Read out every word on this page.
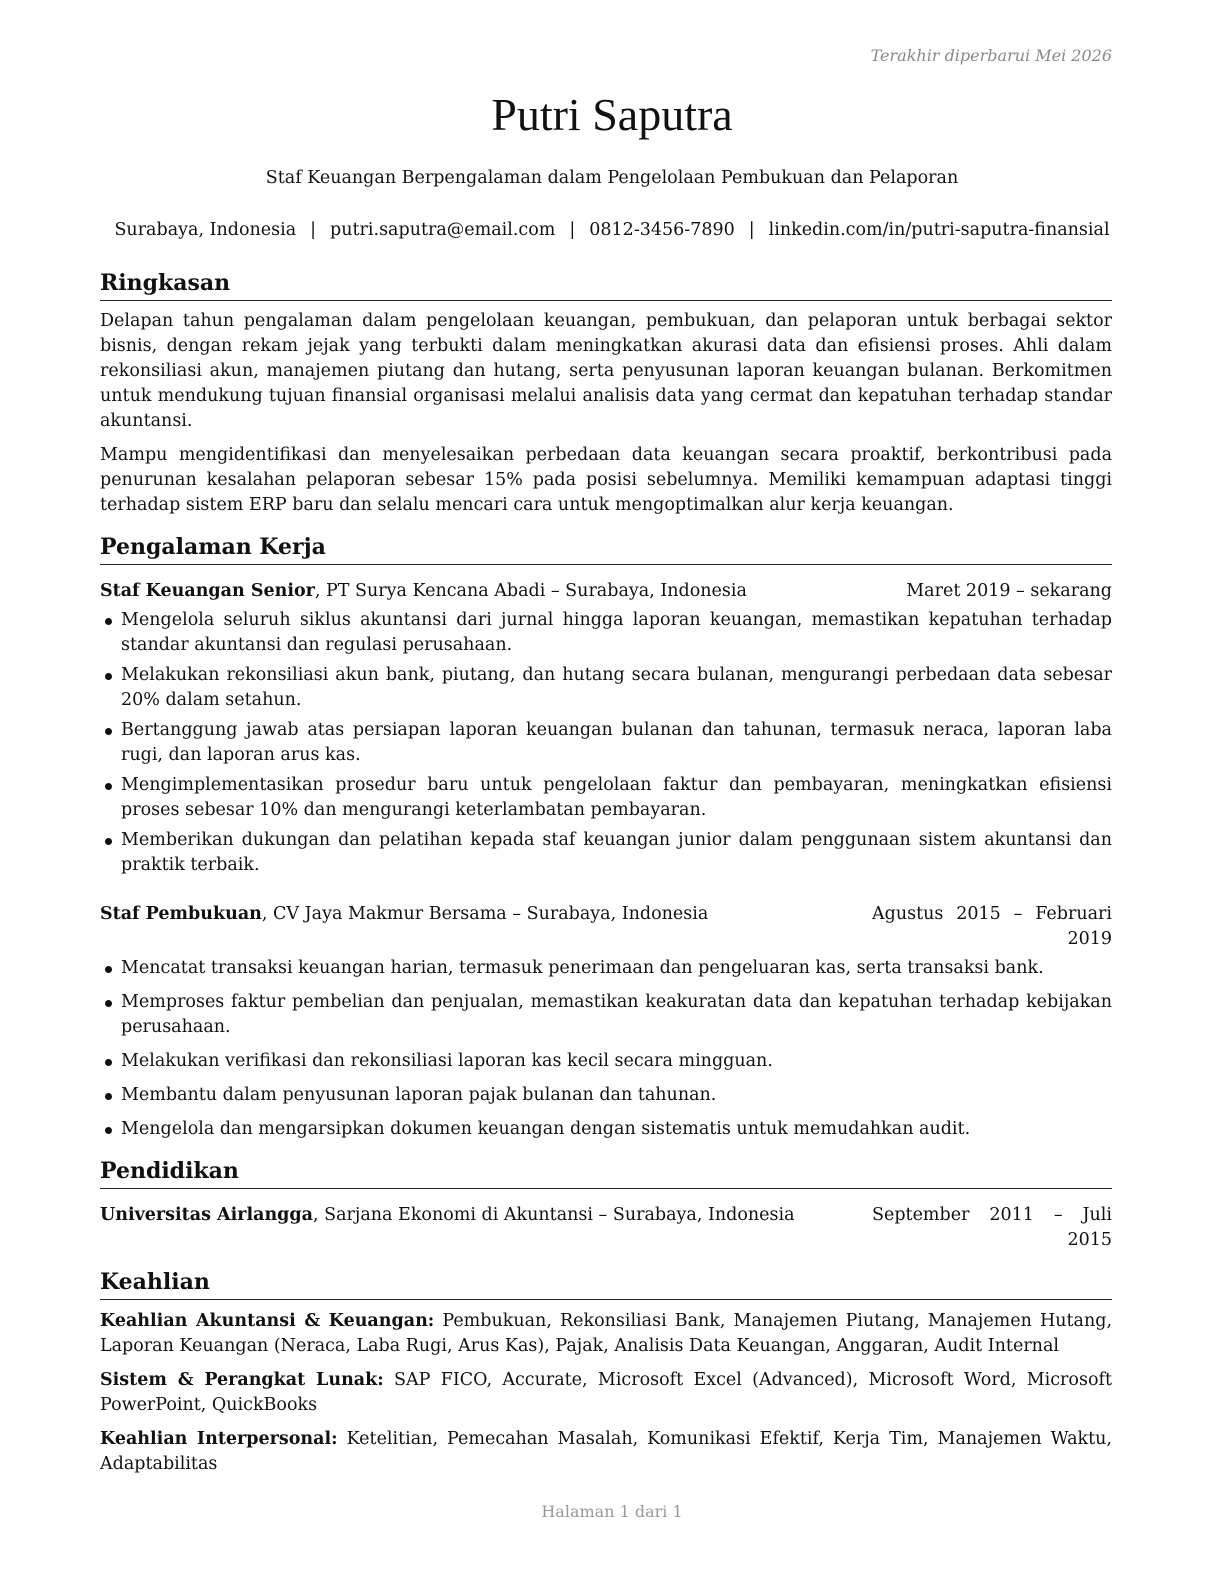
Terakhir diperbarui Mei 2026
Putri Saputra
Staf Keuangan Berpengalaman dalam Pengelolaan Pembukuan dan Pelaporan
Surabaya, Indonesia | putri.saputra@email.com | 0812-3456-7890 | linkedin.com/in/putri-saputra-finansial
Ringkasan

Delapan tahun pengalaman dalam pengelolaan keuangan, pembukuan, dan pelaporan untuk berbagai sektor bisnis, dengan rekam jejak yang terbukti dalam meningkatkan akurasi data dan efisiensi proses. Ahli dalam rekonsiliasi akun, manajemen piutang dan hutang, serta penyusunan laporan keuangan bulanan. Berkomitmen untuk mendukung tujuan finansial organisasi melalui analisis data yang cermat dan kepatuhan terhadap standar akuntansi.

Mampu mengidentifikasi dan menyelesaikan perbedaan data keuangan secara proaktif, berkontribusi pada penurunan kesalahan pelaporan sebesar 15% pada posisi sebelumnya. Memiliki kemampuan adaptasi tinggi terhadap sistem ERP baru dan selalu mencari cara untuk mengoptimalkan alur kerja keuangan.

Pengalaman Kerja
Staf Keuangan Senior, PT Surya Kencana Abadi – Surabaya, Indonesia	Maret 2019 – sekarang
Mengelola seluruh siklus akuntansi dari jurnal hingga laporan keuangan, memastikan kepatuhan terhadap standar akuntansi dan regulasi perusahaan.
Melakukan rekonsiliasi akun bank, piutang, dan hutang secara bulanan, mengurangi perbedaan data sebesar 20% dalam setahun.
Bertanggung jawab atas persiapan laporan keuangan bulanan dan tahunan, termasuk neraca, laporan laba rugi, dan laporan arus kas.
Mengimplementasikan prosedur baru untuk pengelolaan faktur dan pembayaran, meningkatkan efisiensi proses sebesar 10% dan mengurangi keterlambatan pembayaran.
Memberikan dukungan dan pelatihan kepada staf keuangan junior dalam penggunaan sistem akuntansi dan praktik terbaik.
Staf Pembukuan, CV Jaya Makmur Bersama – Surabaya, Indonesia	Agustus 2015 – Februari 2019
Mencatat transaksi keuangan harian, termasuk penerimaan dan pengeluaran kas, serta transaksi bank.
Memproses faktur pembelian dan penjualan, memastikan keakuratan data dan kepatuhan terhadap kebijakan perusahaan.
Melakukan verifikasi dan rekonsiliasi laporan kas kecil secara mingguan.
Membantu dalam penyusunan laporan pajak bulanan dan tahunan.
Mengelola dan mengarsipkan dokumen keuangan dengan sistematis untuk memudahkan audit.
Pendidikan
Universitas Airlangga, Sarjana Ekonomi di Akuntansi – Surabaya, Indonesia	September 2011 – Juli 2015
Keahlian

Keahlian Akuntansi & Keuangan: Pembukuan, Rekonsiliasi Bank, Manajemen Piutang, Manajemen Hutang, Laporan Keuangan (Neraca, Laba Rugi, Arus Kas), Pajak, Analisis Data Keuangan, Anggaran, Audit Internal

Sistem & Perangkat Lunak: SAP FICO, Accurate, Microsoft Excel (Advanced), Microsoft Word, Microsoft PowerPoint, QuickBooks

Keahlian Interpersonal: Ketelitian, Pemecahan Masalah, Komunikasi Efektif, Kerja Tim, Manajemen Waktu, Adaptabilitas

Halaman 1 dari 1
